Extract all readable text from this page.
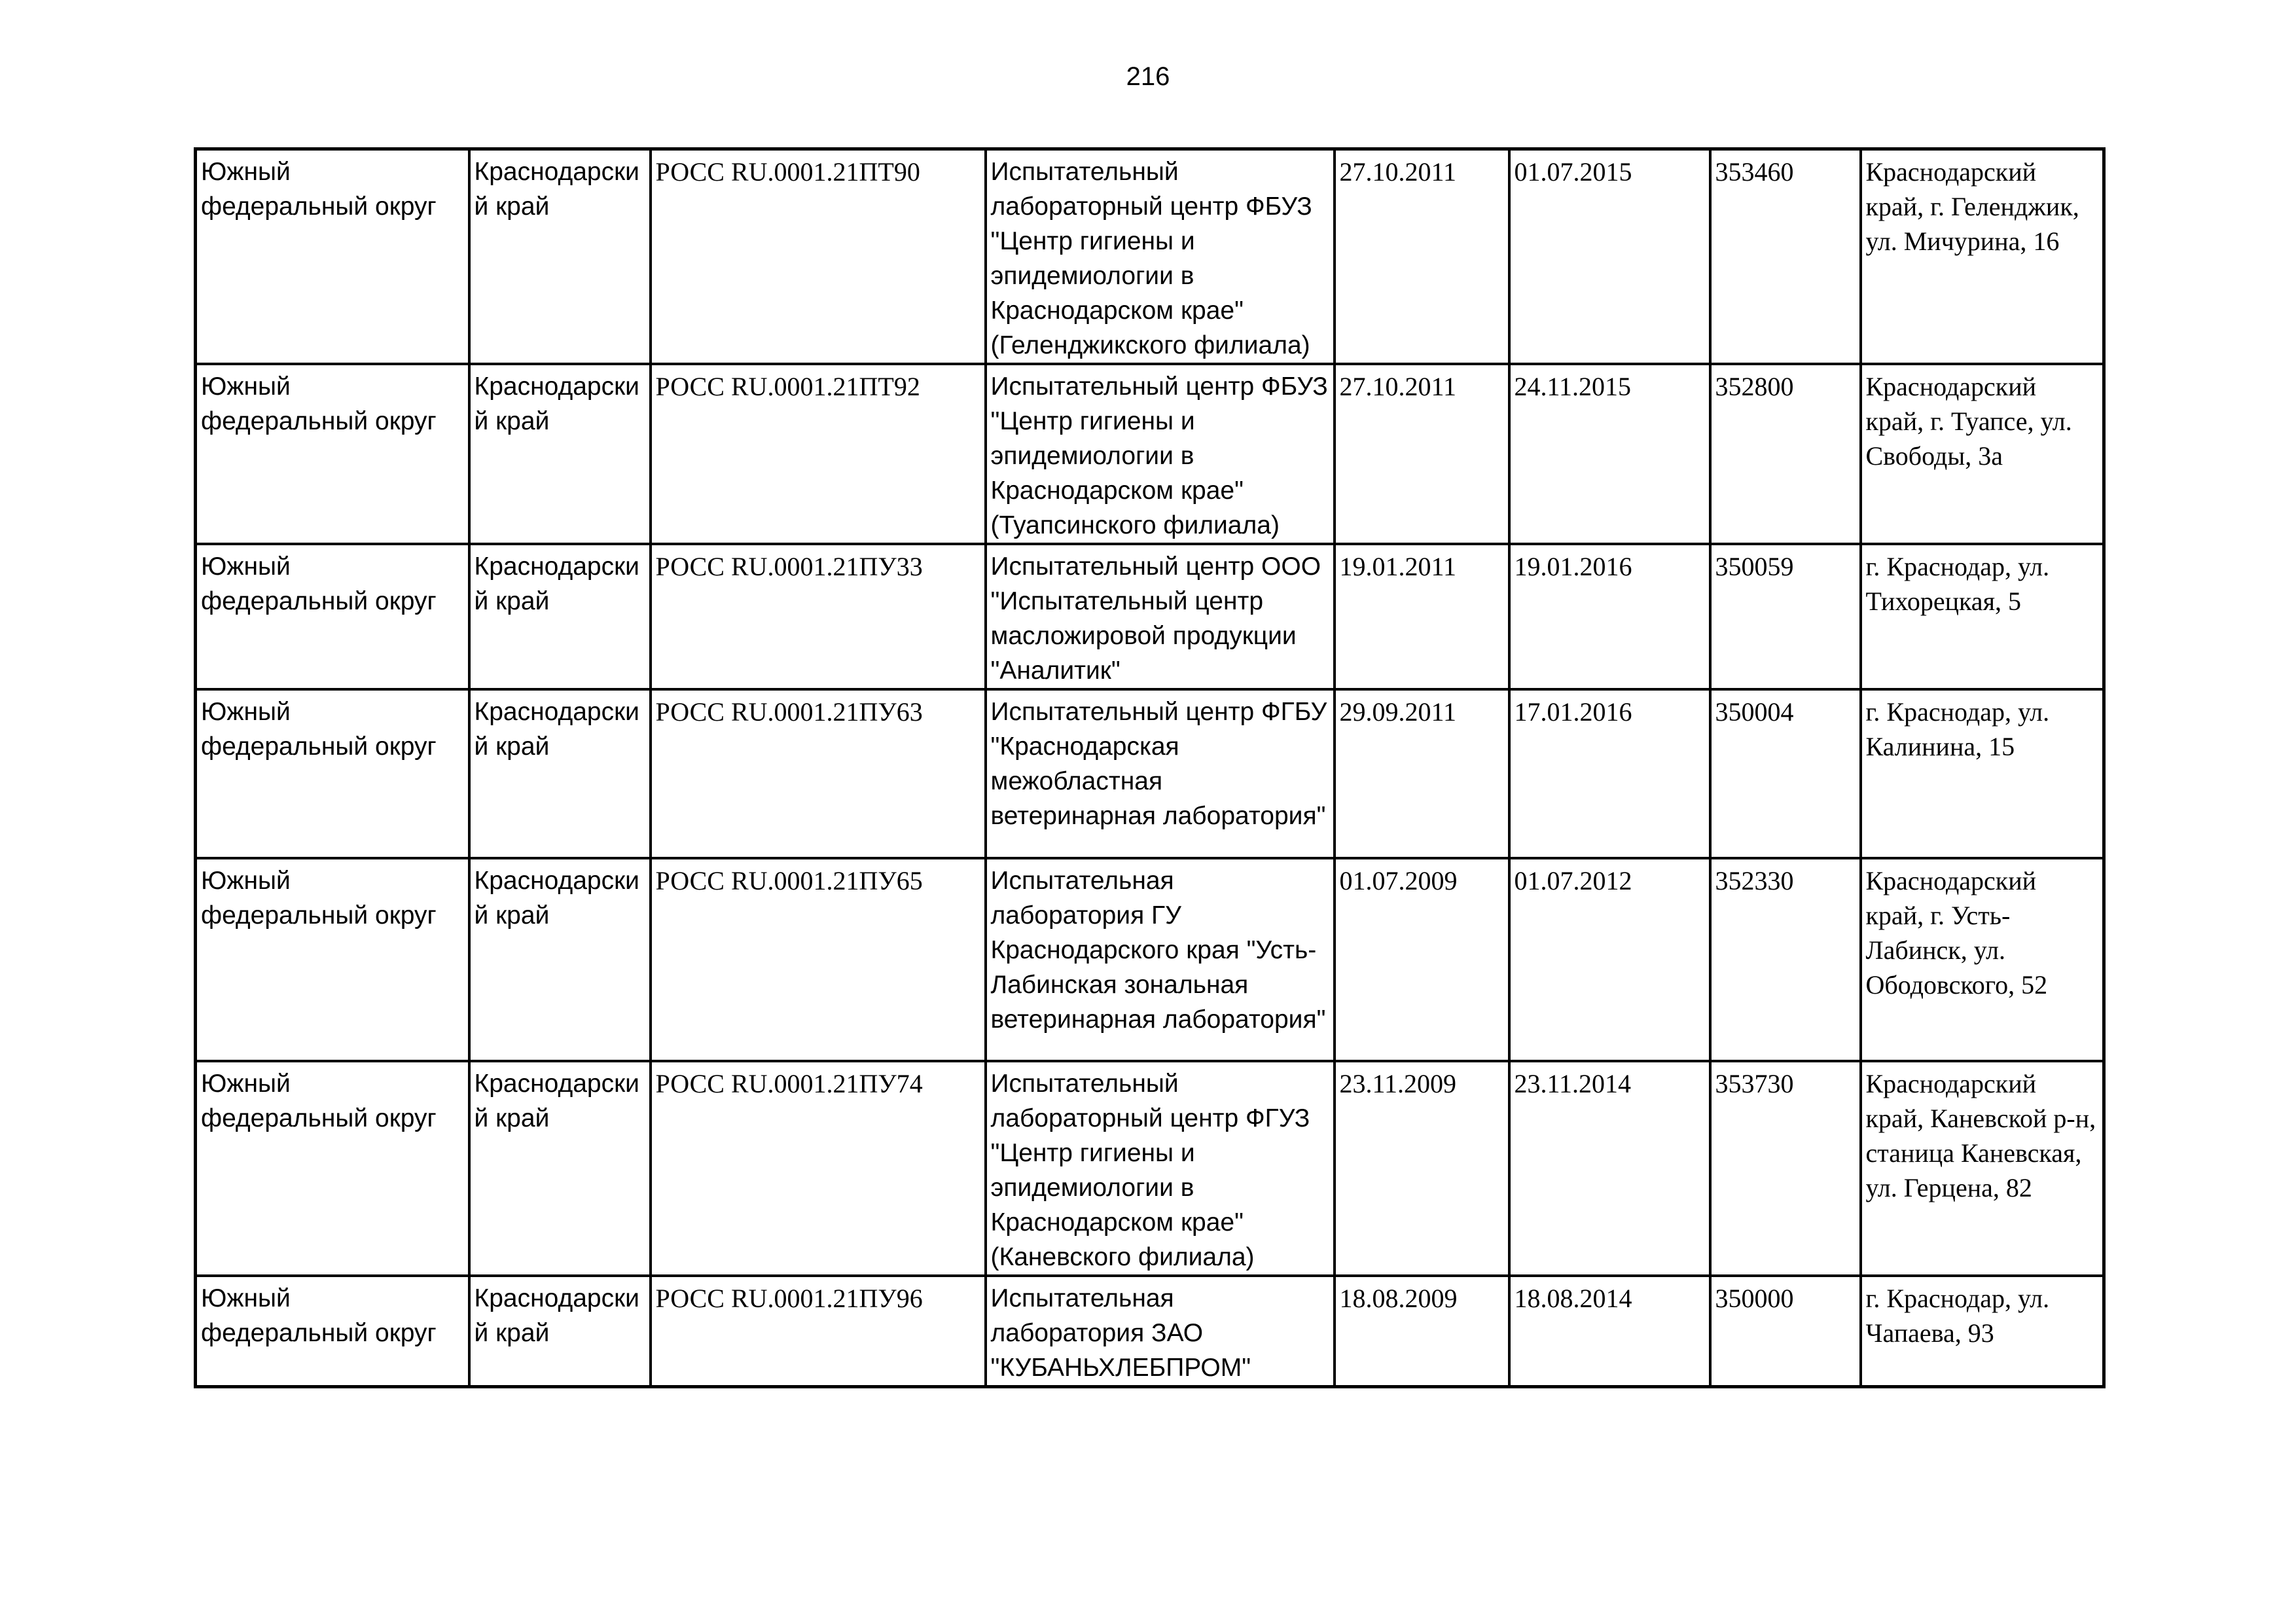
216
Южный федеральный округ	Краснодарский край	РОСС RU.0001.21ПТ90	Испытательный лабораторный центр ФБУЗ "Центр гигиены и эпидемиологии в Краснодарском крае" (Геленджикского филиала)	27.10.2011	01.07.2015	353460	Краснодарский край, г. Геленджик, ул. Мичурина, 16
Южный федеральный округ	Краснодарский край	РОСС RU.0001.21ПТ92	Испытательный центр ФБУЗ "Центр гигиены и эпидемиологии в Краснодарском крае" (Туапсинского филиала)	27.10.2011	24.11.2015	352800	Краснодарский край, г. Туапсе, ул. Свободы, 3а
Южный федеральный округ	Краснодарский край	РОСС RU.0001.21ПУ33	Испытательный центр ООО "Испытательный центр масложировой продукции "Аналитик"	19.01.2011	19.01.2016	350059	г. Краснодар, ул. Тихорецкая, 5
Южный федеральный округ	Краснодарский край	РОСС RU.0001.21ПУ63	Испытательный центр ФГБУ "Краснодарская межобластная ветеринарная лаборатория"	29.09.2011	17.01.2016	350004	г. Краснодар, ул. Калинина, 15
Южный федеральный округ	Краснодарский край	РОСС RU.0001.21ПУ65	Испытательная лаборатория ГУ Краснодарского края "Усть-Лабинская зональная ветеринарная лаборатория"	01.07.2009	01.07.2012	352330	Краснодарский край, г. Усть-Лабинск, ул. Ободовского, 52
Южный федеральный округ	Краснодарский край	РОСС RU.0001.21ПУ74	Испытательный лабораторный центр ФГУЗ "Центр гигиены и эпидемиологии в Краснодарском крае" (Каневского филиала)	23.11.2009	23.11.2014	353730	Краснодарский край, Каневской р-н, станица Каневская, ул. Герцена, 82
Южный федеральный округ	Краснодарский край	РОСС RU.0001.21ПУ96	Испытательная лаборатория ЗАО "КУБАНЬХЛЕБПРОМ"	18.08.2009	18.08.2014	350000	г. Краснодар, ул. Чапаева, 93
